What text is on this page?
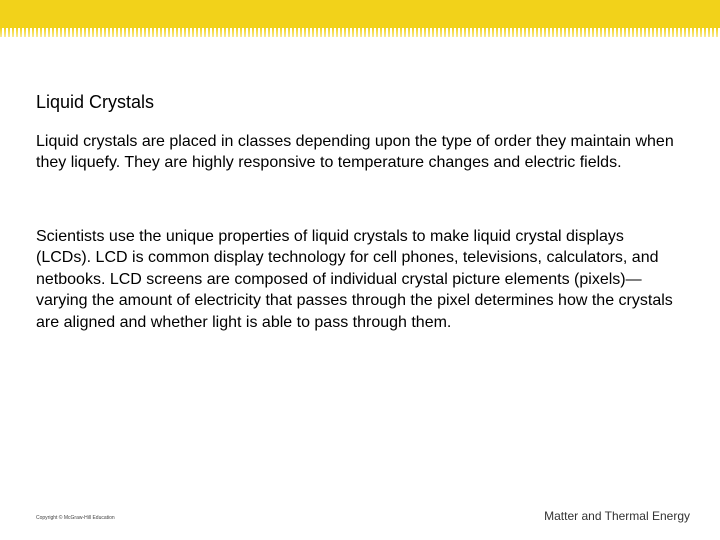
Liquid Crystals

Liquid crystals are placed in classes depending upon the type of order they maintain when they liquefy. They are highly responsive to temperature changes and electric fields.

Scientists use the unique properties of liquid crystals to make liquid crystal displays (LCDs). LCD is common display technology for cell phones, televisions, calculators, and netbooks. LCD screens are composed of individual crystal picture elements (pixels)—varying the amount of electricity that passes through the pixel determines how the crystals are aligned and whether light is able to pass through them.

Copyright © McGraw-Hill Education	Matter and Thermal Energy
